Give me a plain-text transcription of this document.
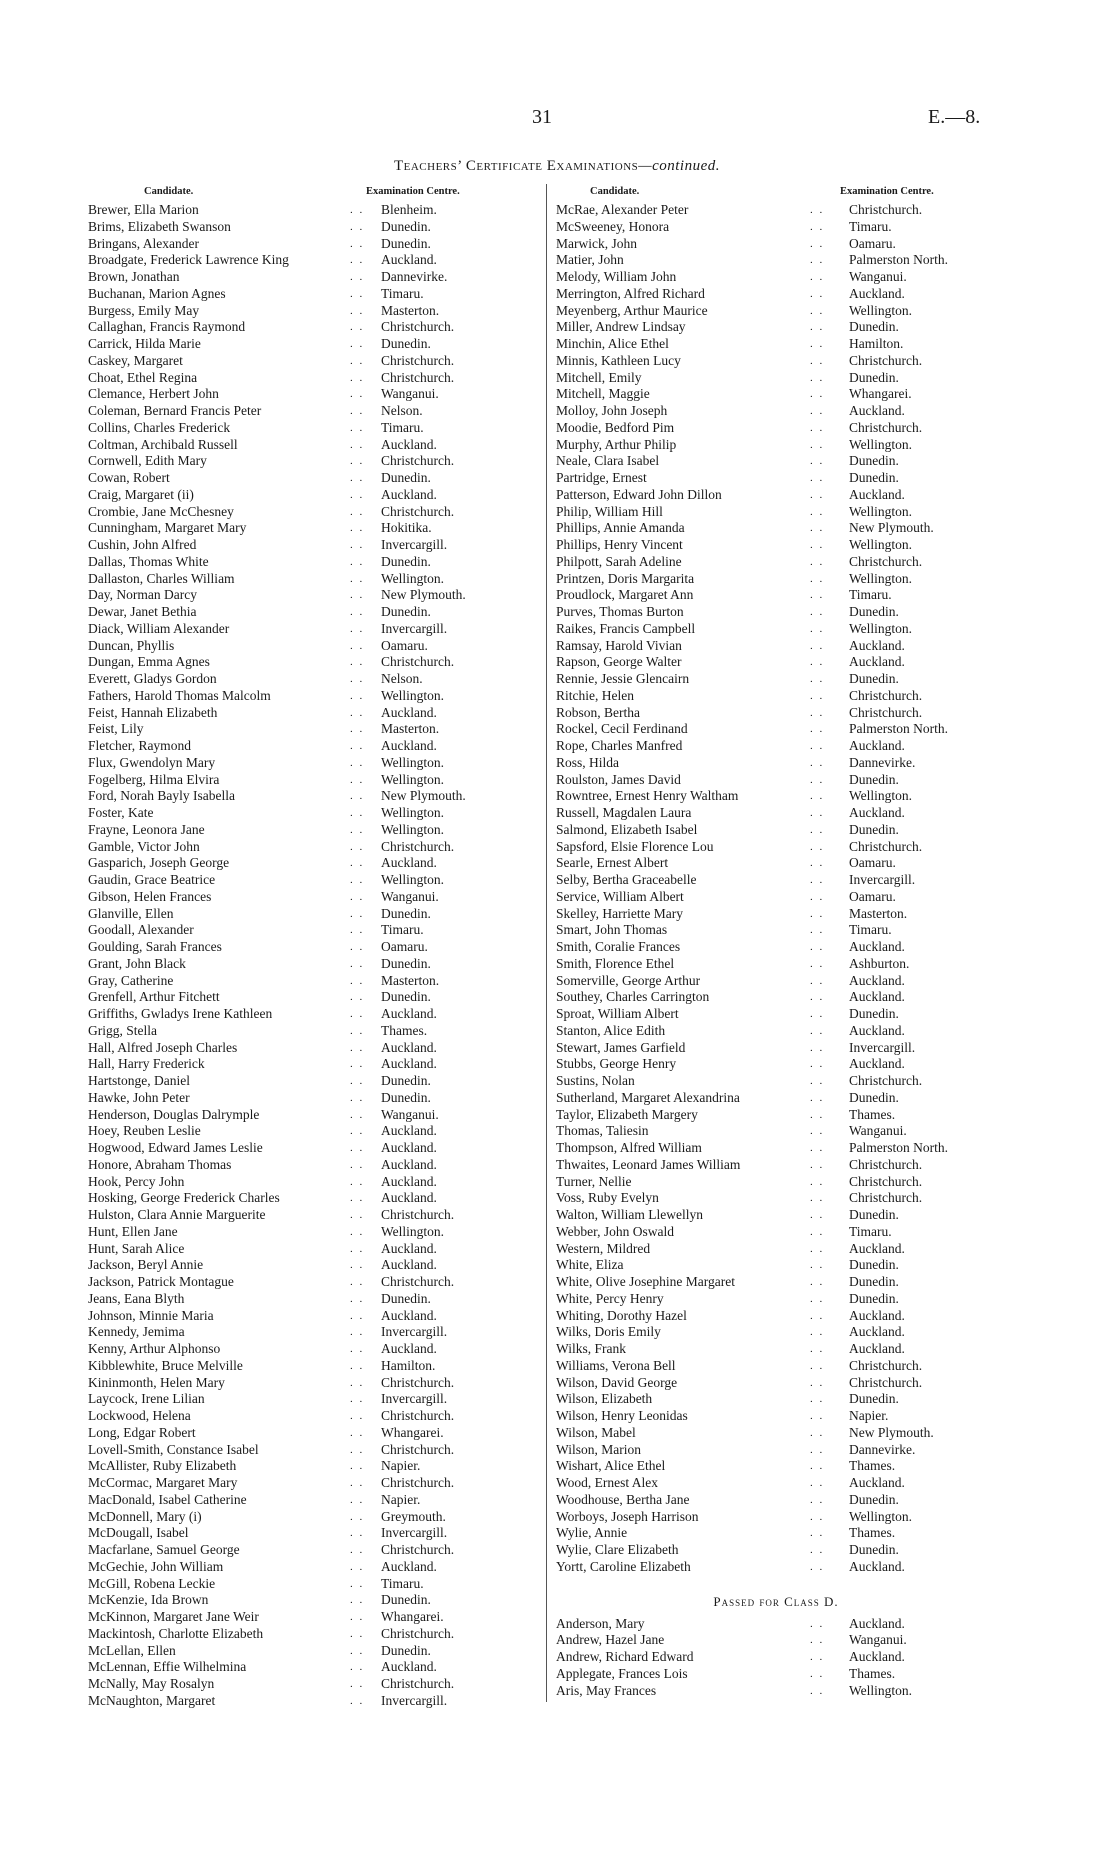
31	E.—8.
Teachers’ Certificate Examinations—continued.
Candidate.	Examination Centre.
Brewer, Ella Marion	. . Blenheim.
Brims, Elizabeth Swanson	. . Dunedin.
Bringans, Alexander	. . Dunedin.
Broadgate, Frederick Lawrence King	. . Auckland.
Brown, Jonathan	. . Dannevirke.
Buchanan, Marion Agnes	. . Timaru.
Burgess, Emily May	. . Masterton.
Callaghan, Francis Raymond	. . Christchurch.
Carrick, Hilda Marie	. . Dunedin.
Caskey, Margaret	. . Christchurch.
Choat, Ethel Regina	. . Christchurch.
Clemance, Herbert John	. . Wanganui.
Coleman, Bernard Francis Peter	. . Nelson.
Collins, Charles Frederick	. . Timaru.
Coltman, Archibald Russell	. . Auckland.
Cornwell, Edith Mary	. . Christchurch.
Cowan, Robert	. . Dunedin.
Craig, Margaret (ii)	. . Auckland.
Crombie, Jane McChesney	. . Christchurch.
Cunningham, Margaret Mary	. . Hokitika.
Cushin, John Alfred	. . Invercargill.
Dallas, Thomas White	. . Dunedin.
Dallaston, Charles William	. . Wellington.
Day, Norman Darcy	. . New Plymouth.
Dewar, Janet Bethia	. . Dunedin.
Diack, William Alexander	. . Invercargill.
Duncan, Phyllis	. . Oamaru.
Dungan, Emma Agnes	. . Christchurch.
Everett, Gladys Gordon	. . Nelson.
Fathers, Harold Thomas Malcolm	. . Wellington.
Feist, Hannah Elizabeth	. . Auckland.
Feist, Lily	. . Masterton.
Fletcher, Raymond	. . Auckland.
Flux, Gwendolyn Mary	. . Wellington.
Fogelberg, Hilma Elvira	. . Wellington.
Ford, Norah Bayly Isabella	. . New Plymouth.
Foster, Kate	. . Wellington.
Frayne, Leonora Jane	. . Wellington.
Gamble, Victor John	. . Christchurch.
Gasparich, Joseph George	. . Auckland.
Gaudin, Grace Beatrice	. . Wellington.
Gibson, Helen Frances	. . Wanganui.
Glanville, Ellen	. . Dunedin.
Goodall, Alexander	. . Timaru.
Goulding, Sarah Frances	. . Oamaru.
Grant, John Black	. . Dunedin.
Gray, Catherine	. . Masterton.
Grenfell, Arthur Fitchett	. . Dunedin.
Griffiths, Gwladys Irene Kathleen	. . Auckland.
Grigg, Stella	. . Thames.
Hall, Alfred Joseph Charles	. . Auckland.
Hall, Harry Frederick	. . Auckland.
Hartstonge, Daniel	. . Dunedin.
Hawke, John Peter	. . Dunedin.
Henderson, Douglas Dalrymple	. . Wanganui.
Hoey, Reuben Leslie	. . Auckland.
Hogwood, Edward James Leslie	. . Auckland.
Honore, Abraham Thomas	. . Auckland.
Hook, Percy John	. . Auckland.
Hosking, George Frederick Charles	. . Auckland.
Hulston, Clara Annie Marguerite	. . Christchurch.
Hunt, Ellen Jane	. . Wellington.
Hunt, Sarah Alice	. . Auckland.
Jackson, Beryl Annie	. . Auckland.
Jackson, Patrick Montague	. . Christchurch.
Jeans, Eana Blyth	. . Dunedin.
Johnson, Minnie Maria	. . Auckland.
Kennedy, Jemima	. . Invercargill.
Kenny, Arthur Alphonso	. . Auckland.
Kibblewhite, Bruce Melville	. . Hamilton.
Kininmonth, Helen Mary	. . Christchurch.
Laycock, Irene Lilian	. . Invercargill.
Lockwood, Helena	. . Christchurch.
Long, Edgar Robert	. . Whangarei.
Lovell-Smith, Constance Isabel	. . Christchurch.
McAllister, Ruby Elizabeth	. . Napier.
McCormac, Margaret Mary	. . Christchurch.
MacDonald, Isabel Catherine	. . Napier.
McDonnell, Mary (i)	. . Greymouth.
McDougall, Isabel	. . Invercargill.
Macfarlane, Samuel George	. . Christchurch.
McGechie, John William	. . Auckland.
McGill, Robena Leckie	. . Timaru.
McKenzie, Ida Brown	. . Dunedin.
McKinnon, Margaret Jane Weir	. . Whangarei.
Mackintosh, Charlotte Elizabeth	. . Christchurch.
McLellan, Ellen	. . Dunedin.
McLennan, Effie Wilhelmina	. . Auckland.
McNally, May Rosalyn	. . Christchurch.
McNaughton, Margaret	. . Invercargill.
Candidate.	Examination Centre.
McRae, Alexander Peter	. . Christchurch.
McSweeney, Honora	. . Timaru.
Marwick, John	. . Oamaru.
Matier, John	. . Palmerston North.
Melody, William John	. . Wanganui.
Merrington, Alfred Richard	. . Auckland.
Meyenberg, Arthur Maurice	. . Wellington.
Miller, Andrew Lindsay	. . Dunedin.
Minchin, Alice Ethel	. . Hamilton.
Minnis, Kathleen Lucy	. . Christchurch.
Mitchell, Emily	. . Dunedin.
Mitchell, Maggie	. . Whangarei.
Molloy, John Joseph	. . Auckland.
Moodie, Bedford Pim	. . Christchurch.
Murphy, Arthur Philip	. . Wellington.
Neale, Clara Isabel	. . Dunedin.
Partridge, Ernest	. . Dunedin.
Patterson, Edward John Dillon	. . Auckland.
Philip, William Hill	. . Wellington.
Phillips, Annie Amanda	. . New Plymouth.
Phillips, Henry Vincent	. . Wellington.
Philpott, Sarah Adeline	. . Christchurch.
Printzen, Doris Margarita	. . Wellington.
Proudlock, Margaret Ann	. . Timaru.
Purves, Thomas Burton	. . Dunedin.
Raikes, Francis Campbell	. . Wellington.
Ramsay, Harold Vivian	. . Auckland.
Rapson, George Walter	. . Auckland.
Rennie, Jessie Glencairn	. . Dunedin.
Ritchie, Helen	. . Christchurch.
Robson, Bertha	. . Christchurch.
Rockel, Cecil Ferdinand	. . Palmerston North.
Rope, Charles Manfred	. . Auckland.
Ross, Hilda	. . Dannevirke.
Roulston, James David	. . Dunedin.
Rowntree, Ernest Henry Waltham	. . Wellington.
Russell, Magdalen Laura	. . Auckland.
Salmond, Elizabeth Isabel	. . Dunedin.
Sapsford, Elsie Florence Lou	. . Christchurch.
Searle, Ernest Albert	. . Oamaru.
Selby, Bertha Graceabelle	. . Invercargill.
Service, William Albert	. . Oamaru.
Skelley, Harriette Mary	. . Masterton.
Smart, John Thomas	. . Timaru.
Smith, Coralie Frances	. . Auckland.
Smith, Florence Ethel	. . Ashburton.
Somerville, George Arthur	. . Auckland.
Southey, Charles Carrington	. . Auckland.
Sproat, William Albert	. . Dunedin.
Stanton, Alice Edith	. . Auckland.
Stewart, James Garfield	. . Invercargill.
Stubbs, George Henry	. . Auckland.
Sustins, Nolan	. . Christchurch.
Sutherland, Margaret Alexandrina	. . Dunedin.
Taylor, Elizabeth Margery	. . Thames.
Thomas, Taliesin	. . Wanganui.
Thompson, Alfred William	. . Palmerston North.
Thwaites, Leonard James William	. . Christchurch.
Turner, Nellie	. . Christchurch.
Voss, Ruby Evelyn	. . Christchurch.
Walton, William Llewellyn	. . Dunedin.
Webber, John Oswald	. . Timaru.
Western, Mildred	. . Auckland.
White, Eliza	. . Dunedin.
White, Olive Josephine Margaret	. . Dunedin.
White, Percy Henry	. . Dunedin.
Whiting, Dorothy Hazel	. . Auckland.
Wilks, Doris Emily	. . Auckland.
Wilks, Frank	. . Auckland.
Williams, Verona Bell	. . Christchurch.
Wilson, David George	. . Christchurch.
Wilson, Elizabeth	. . Dunedin.
Wilson, Henry Leonidas	. . Napier.
Wilson, Mabel	. . New Plymouth.
Wilson, Marion	. . Dannevirke.
Wishart, Alice Ethel	. . Thames.
Wood, Ernest Alex	. . Auckland.
Woodhouse, Bertha Jane	. . Dunedin.
Worboys, Joseph Harrison	. . Wellington.
Wylie, Annie	. . Thames.
Wylie, Clare Elizabeth	. . Dunedin.
Yortt, Caroline Elizabeth	. . Auckland.
Passed for Class D.
Anderson, Mary	. . Auckland.
Andrew, Hazel Jane	. . Wanganui.
Andrew, Richard Edward	. . Auckland.
Applegate, Frances Lois	. . Thames.
Aris, May Frances	. . Wellington.
